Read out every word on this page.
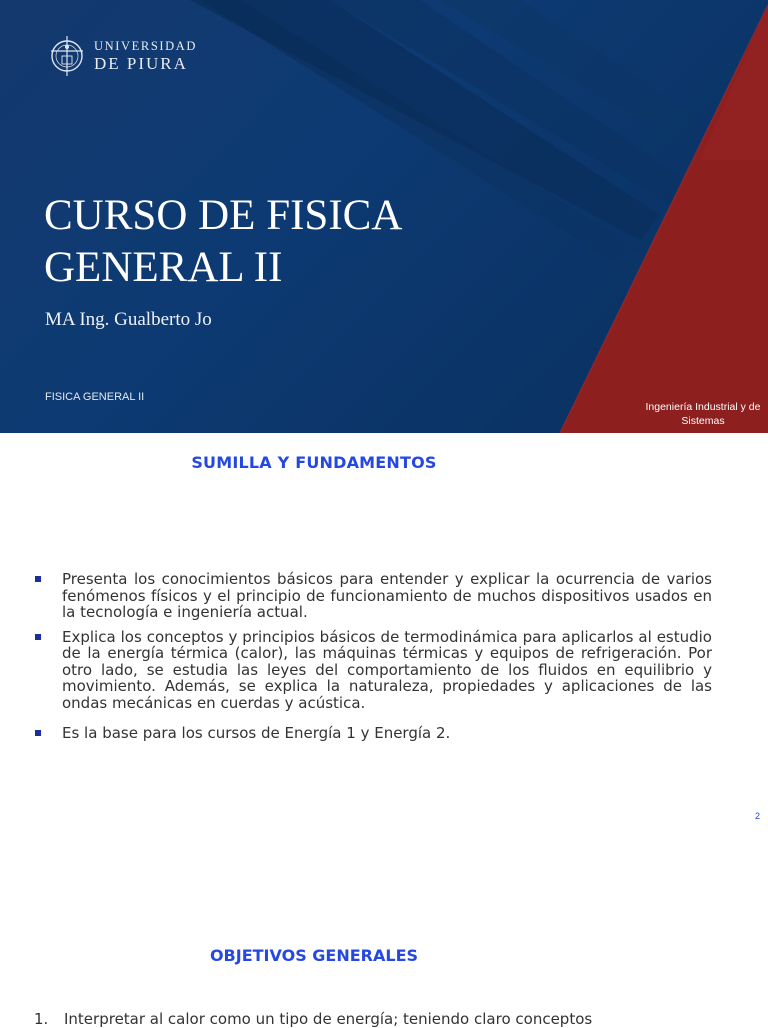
UNIVERSIDAD
DE PIURA
CURSO DE FISICA
GENERAL II
MA Ing. Gualberto Jo
FISICA GENERAL II
Ingeniería Industrial y de Sistemas
SUMILLA Y FUNDAMENTOS
Presenta los conocimientos básicos para entender y explicar la ocurrencia de varios fenómenos físicos y el principio de funcionamiento de muchos dispositivos usados en la tecnología e ingeniería actual.
Explica los conceptos y principios básicos de termodinámica para aplicarlos al estudio de la energía térmica (calor), las máquinas térmicas y equipos de refrigeración. Por otro lado, se estudia las leyes del comportamiento de los fluidos en equilibrio y movimiento. Además, se explica la naturaleza, propiedades y aplicaciones de las ondas mecánicas en cuerdas y acústica.
Es la base para los cursos de Energía 1 y Energía 2.
2
OBJETIVOS GENERALES
1. Interpretar al calor como un tipo de energía; teniendo claro conceptos
